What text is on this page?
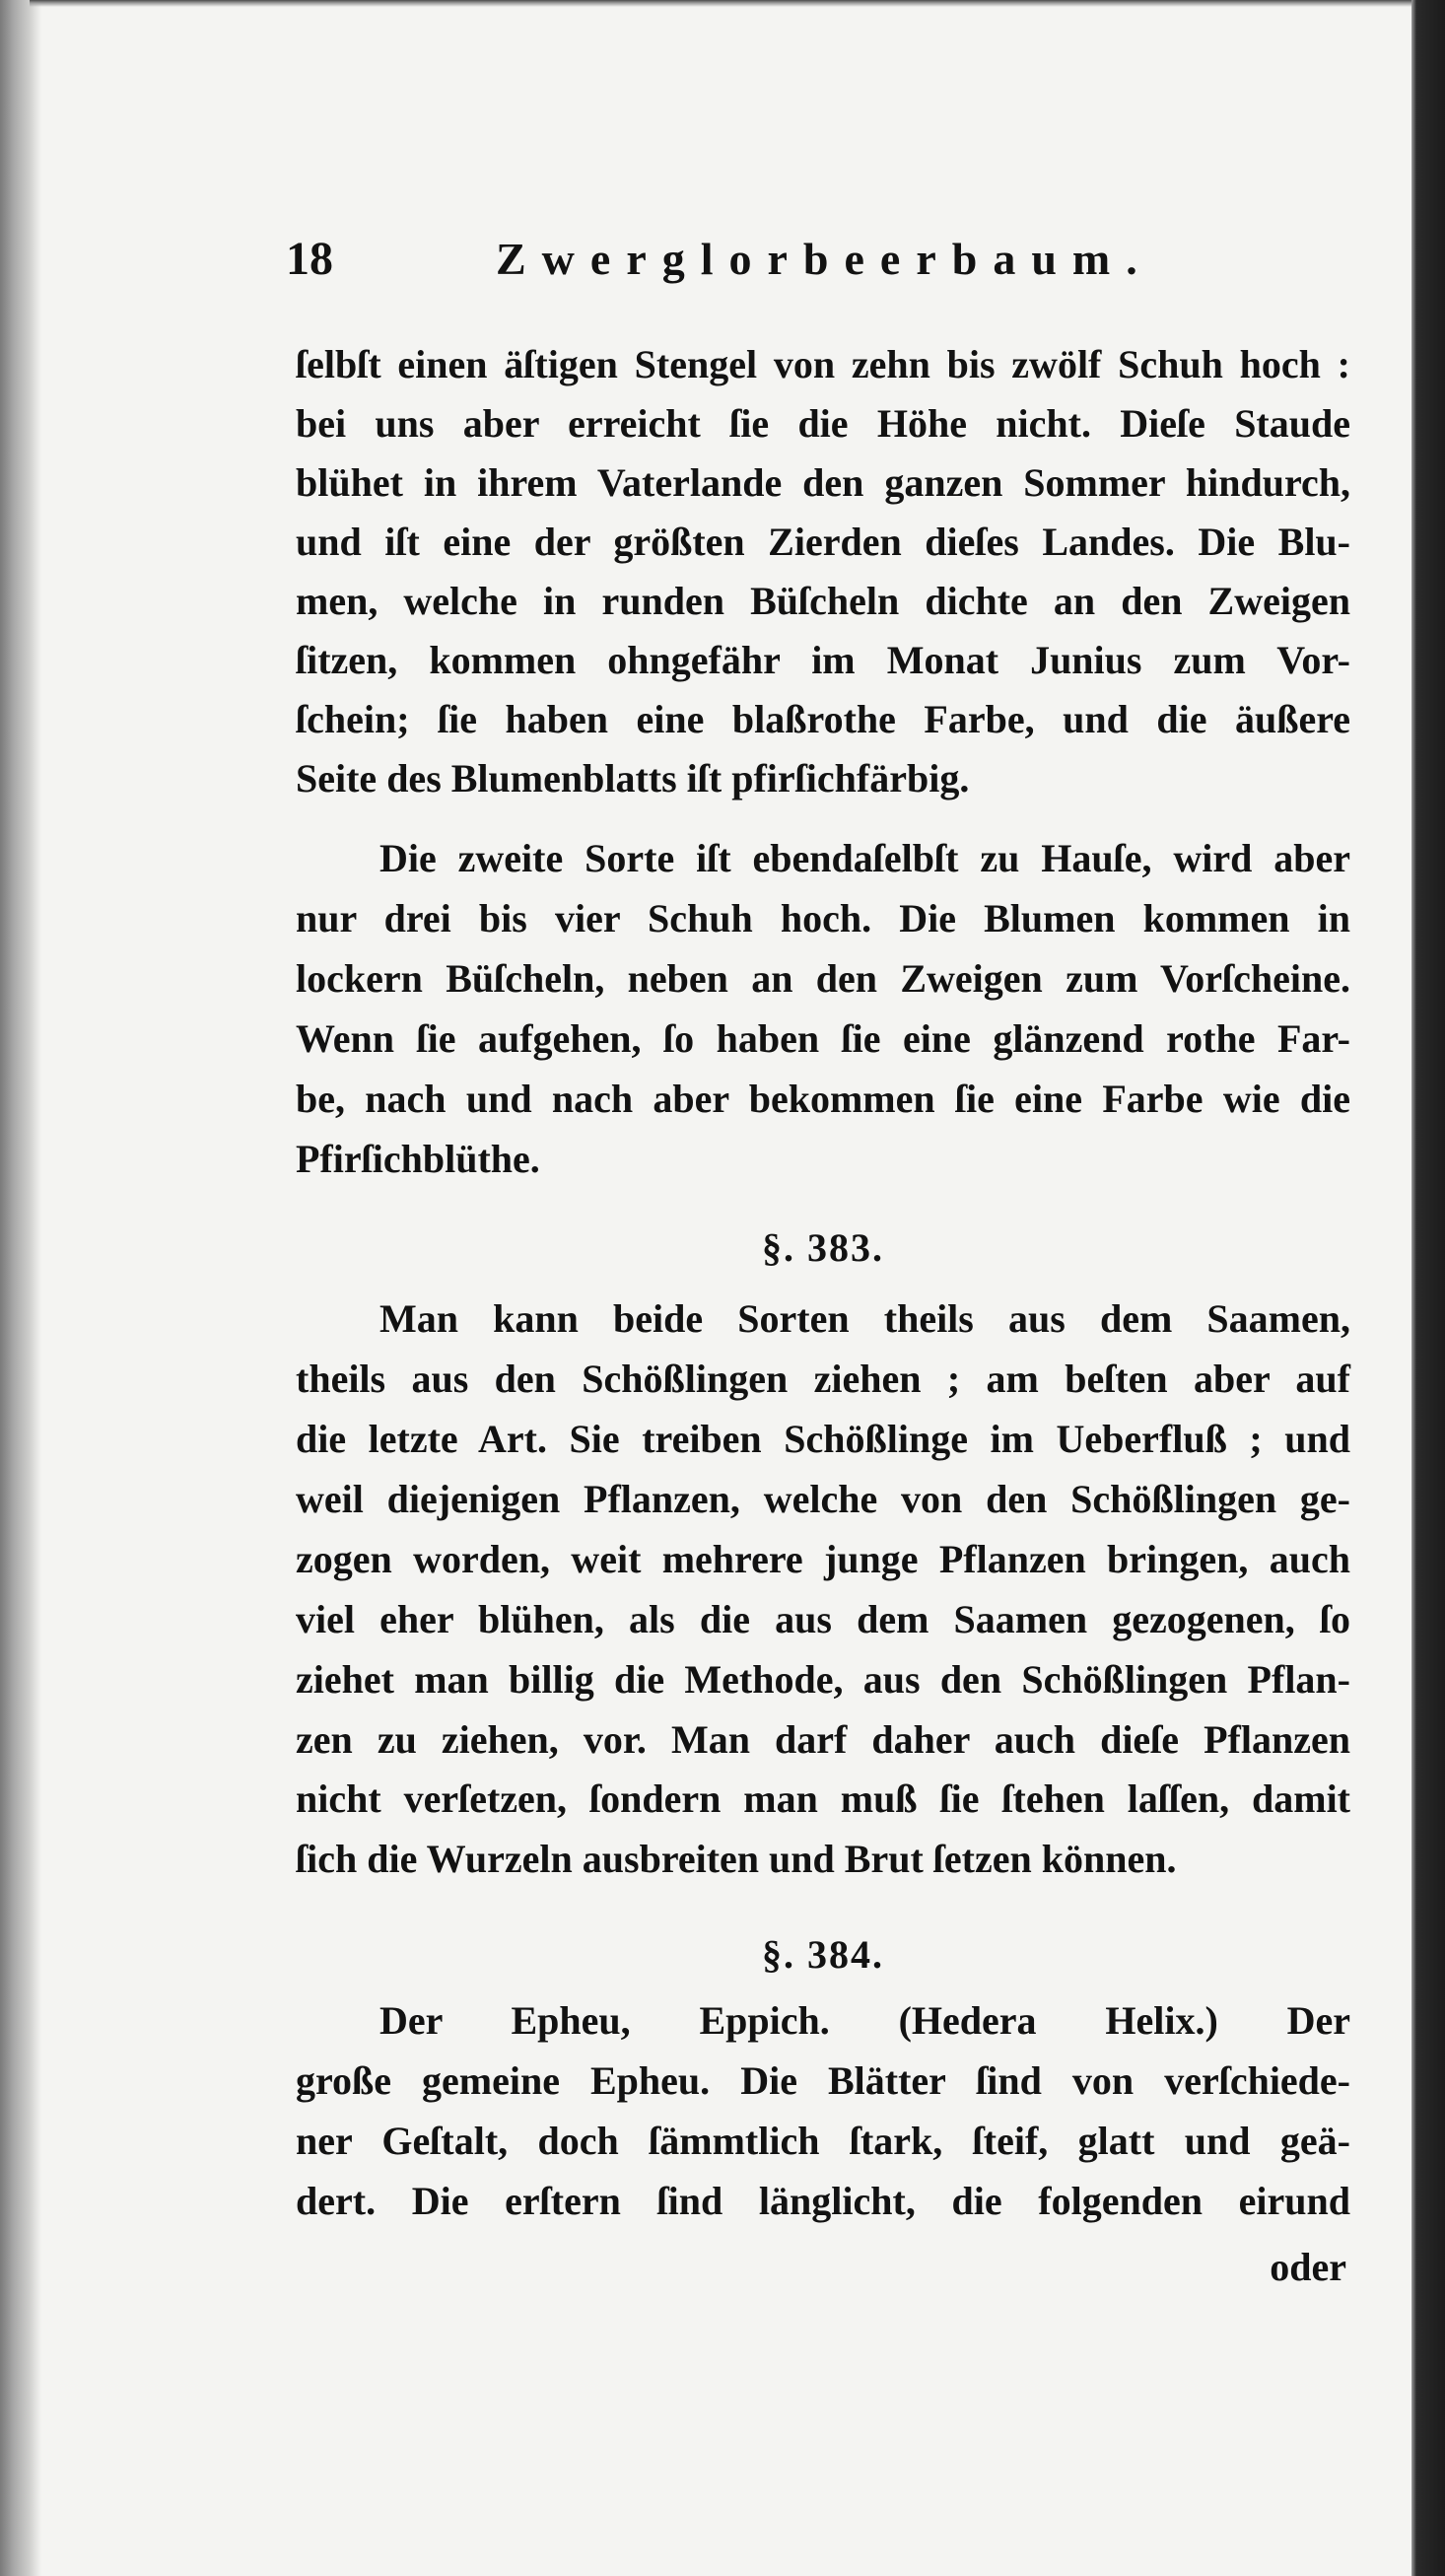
18	Zwerglorbeerbaum.
ſelbſt einen äſtigen Stengel von zehn bis zwölf Schuh hoch :
bei uns aber erreicht ſie die Höhe nicht. Dieſe Staude
blühet in ihrem Vaterlande den ganzen Sommer hindurch,
und iſt eine der größten Zierden dieſes Landes. Die Blu-
men, welche in runden Büſcheln dichte an den Zweigen
ſitzen, kommen ohngefähr im Monat Junius zum Vor-
ſchein; ſie haben eine blaßrothe Farbe, und die äußere
Seite des Blumenblatts iſt pfirſichfärbig.
Die zweite Sorte iſt ebendaſelbſt zu Hauſe, wird aber
nur drei bis vier Schuh hoch. Die Blumen kommen in
lockern Büſcheln, neben an den Zweigen zum Vorſcheine.
Wenn ſie aufgehen, ſo haben ſie eine glänzend rothe Far-
be, nach und nach aber bekommen ſie eine Farbe wie die
Pfirſichblüthe.
§. 383.
Man kann beide Sorten theils aus dem Saamen,
theils aus den Schößlingen ziehen ; am beſten aber auf
die letzte Art. Sie treiben Schößlinge im Ueberfluß ; und
weil diejenigen Pflanzen, welche von den Schößlingen ge-
zogen worden, weit mehrere junge Pflanzen bringen, auch
viel eher blühen, als die aus dem Saamen gezogenen, ſo
ziehet man billig die Methode, aus den Schößlingen Pflan-
zen zu ziehen, vor. Man darf daher auch dieſe Pflanzen
nicht verſetzen, ſondern man muß ſie ſtehen laſſen, damit
ſich die Wurzeln ausbreiten und Brut ſetzen können.
§. 384.
Der Epheu, Eppich. (Hedera Helix.) Der
große gemeine Epheu. Die Blätter ſind von verſchiede-
ner Geſtalt, doch ſämmtlich ſtark, ſteif, glatt und geä-
dert. Die erſtern ſind länglicht, die folgenden eirund
oder
